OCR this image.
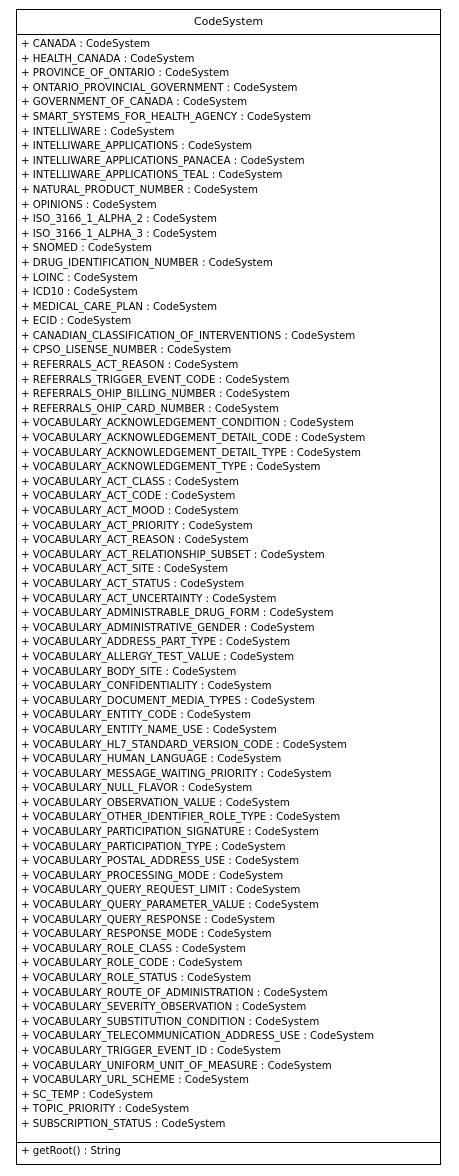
CodeSystem
+ CANADA : CodeSystem
+ HEALTH_CANADA : CodeSystem
+ PROVINCE_OF_ONTARIO : CodeSystem
+ ONTARIO_PROVINCIAL_GOVERNMENT : CodeSystem
+ GOVERNMENT_OF_CANADA : CodeSystem
+ SMART_SYSTEMS_FOR_HEALTH_AGENCY : CodeSystem
+ INTELLIWARE : CodeSystem
+ INTELLIWARE_APPLICATIONS : CodeSystem
+ INTELLIWARE_APPLICATIONS_PANACEA : CodeSystem
+ INTELLIWARE_APPLICATIONS_TEAL : CodeSystem
+ NATURAL_PRODUCT_NUMBER : CodeSystem
+ OPINIONS : CodeSystem
+ ISO_3166_1_ALPHA_2 : CodeSystem
+ ISO_3166_1_ALPHA_3 : CodeSystem
+ SNOMED : CodeSystem
+ DRUG_IDENTIFICATION_NUMBER : CodeSystem
+ LOINC : CodeSystem
+ ICD10 : CodeSystem
+ MEDICAL_CARE_PLAN : CodeSystem
+ ECID : CodeSystem
+ CANADIAN_CLASSIFICATION_OF_INTERVENTIONS : CodeSystem
+ CPSO_LISENSE_NUMBER : CodeSystem
+ REFERRALS_ACT_REASON : CodeSystem
+ REFERRALS_TRIGGER_EVENT_CODE : CodeSystem
+ REFERRALS_OHIP_BILLING_NUMBER : CodeSystem
+ REFERRALS_OHIP_CARD_NUMBER : CodeSystem
+ VOCABULARY_ACKNOWLEDGEMENT_CONDITION : CodeSystem
+ VOCABULARY_ACKNOWLEDGEMENT_DETAIL_CODE : CodeSystem
+ VOCABULARY_ACKNOWLEDGEMENT_DETAIL_TYPE : CodeSystem
+ VOCABULARY_ACKNOWLEDGEMENT_TYPE : CodeSystem
+ VOCABULARY_ACT_CLASS : CodeSystem
+ VOCABULARY_ACT_CODE : CodeSystem
+ VOCABULARY_ACT_MOOD : CodeSystem
+ VOCABULARY_ACT_PRIORITY : CodeSystem
+ VOCABULARY_ACT_REASON : CodeSystem
+ VOCABULARY_ACT_RELATIONSHIP_SUBSET : CodeSystem
+ VOCABULARY_ACT_SITE : CodeSystem
+ VOCABULARY_ACT_STATUS : CodeSystem
+ VOCABULARY_ACT_UNCERTAINTY : CodeSystem
+ VOCABULARY_ADMINISTRABLE_DRUG_FORM : CodeSystem
+ VOCABULARY_ADMINISTRATIVE_GENDER : CodeSystem
+ VOCABULARY_ADDRESS_PART_TYPE : CodeSystem
+ VOCABULARY_ALLERGY_TEST_VALUE : CodeSystem
+ VOCABULARY_BODY_SITE : CodeSystem
+ VOCABULARY_CONFIDENTIALITY : CodeSystem
+ VOCABULARY_DOCUMENT_MEDIA_TYPES : CodeSystem
+ VOCABULARY_ENTITY_CODE : CodeSystem
+ VOCABULARY_ENTITY_NAME_USE : CodeSystem
+ VOCABULARY_HL7_STANDARD_VERSION_CODE : CodeSystem
+ VOCABULARY_HUMAN_LANGUAGE : CodeSystem
+ VOCABULARY_MESSAGE_WAITING_PRIORITY : CodeSystem
+ VOCABULARY_NULL_FLAVOR : CodeSystem
+ VOCABULARY_OBSERVATION_VALUE : CodeSystem
+ VOCABULARY_OTHER_IDENTIFIER_ROLE_TYPE : CodeSystem
+ VOCABULARY_PARTICIPATION_SIGNATURE : CodeSystem
+ VOCABULARY_PARTICIPATION_TYPE : CodeSystem
+ VOCABULARY_POSTAL_ADDRESS_USE : CodeSystem
+ VOCABULARY_PROCESSING_MODE : CodeSystem
+ VOCABULARY_QUERY_REQUEST_LIMIT : CodeSystem
+ VOCABULARY_QUERY_PARAMETER_VALUE : CodeSystem
+ VOCABULARY_QUERY_RESPONSE : CodeSystem
+ VOCABULARY_RESPONSE_MODE : CodeSystem
+ VOCABULARY_ROLE_CLASS : CodeSystem
+ VOCABULARY_ROLE_CODE : CodeSystem
+ VOCABULARY_ROLE_STATUS : CodeSystem
+ VOCABULARY_ROUTE_OF_ADMINISTRATION : CodeSystem
+ VOCABULARY_SEVERITY_OBSERVATION : CodeSystem
+ VOCABULARY_SUBSTITUTION_CONDITION : CodeSystem
+ VOCABULARY_TELECOMMUNICATION_ADDRESS_USE : CodeSystem
+ VOCABULARY_TRIGGER_EVENT_ID : CodeSystem
+ VOCABULARY_UNIFORM_UNIT_OF_MEASURE : CodeSystem
+ VOCABULARY_URL_SCHEME : CodeSystem
+ SC_TEMP : CodeSystem
+ TOPIC_PRIORITY : CodeSystem
+ SUBSCRIPTION_STATUS : CodeSystem
+ getRoot() : String
